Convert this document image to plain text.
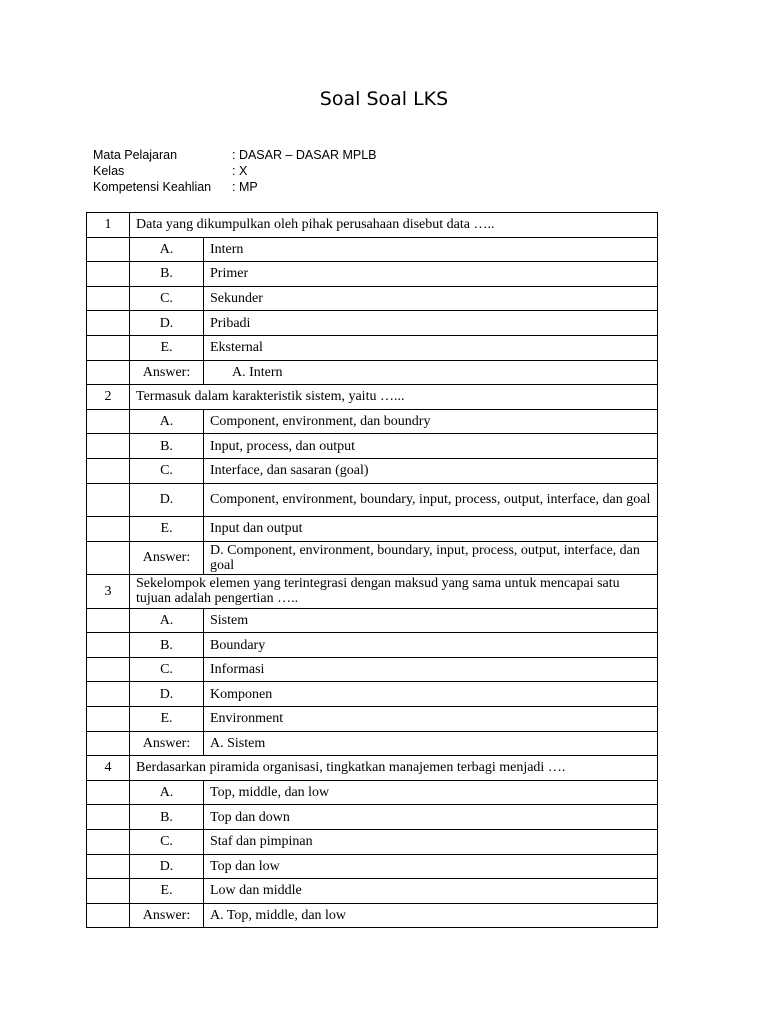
Soal Soal LKS
Mata Pelajaran	: DASAR – DASAR MPLB
Kelas	: X
Kompetensi Keahlian	: MP
1	Data yang dikumpulkan oleh pihak perusahaan disebut data …..	
	A.	Intern
	B.	Primer
	C.	Sekunder
	D.	Pribadi
	E.	Eksternal
	Answer:	A. Intern
2	Termasuk dalam karakteristik sistem, yaitu …...	
	A.	Component, environment, dan boundry
	B.	Input, process, dan output
	C.	Interface, dan sasaran (goal)
	D.	Component, environment, boundary, input, process, output, interface, dan goal
	E.	Input dan output
	Answer:	D. Component, environment, boundary, input, process, output, interface, dan goal
3	Sekelompok elemen yang terintegrasi dengan maksud yang sama untuk mencapai satu tujuan adalah pengertian …..	
	A.	Sistem
	B.	Boundary
	C.	Informasi
	D.	Komponen
	E.	Environment
	Answer:	A. Sistem
4	Berdasarkan piramida organisasi, tingkatkan manajemen terbagi menjadi ….	
	A.	Top, middle, dan low
	B.	Top dan down
	C.	Staf dan pimpinan
	D.	Top dan low
	E.	Low dan middle
	Answer:	A. Top, middle, dan low
